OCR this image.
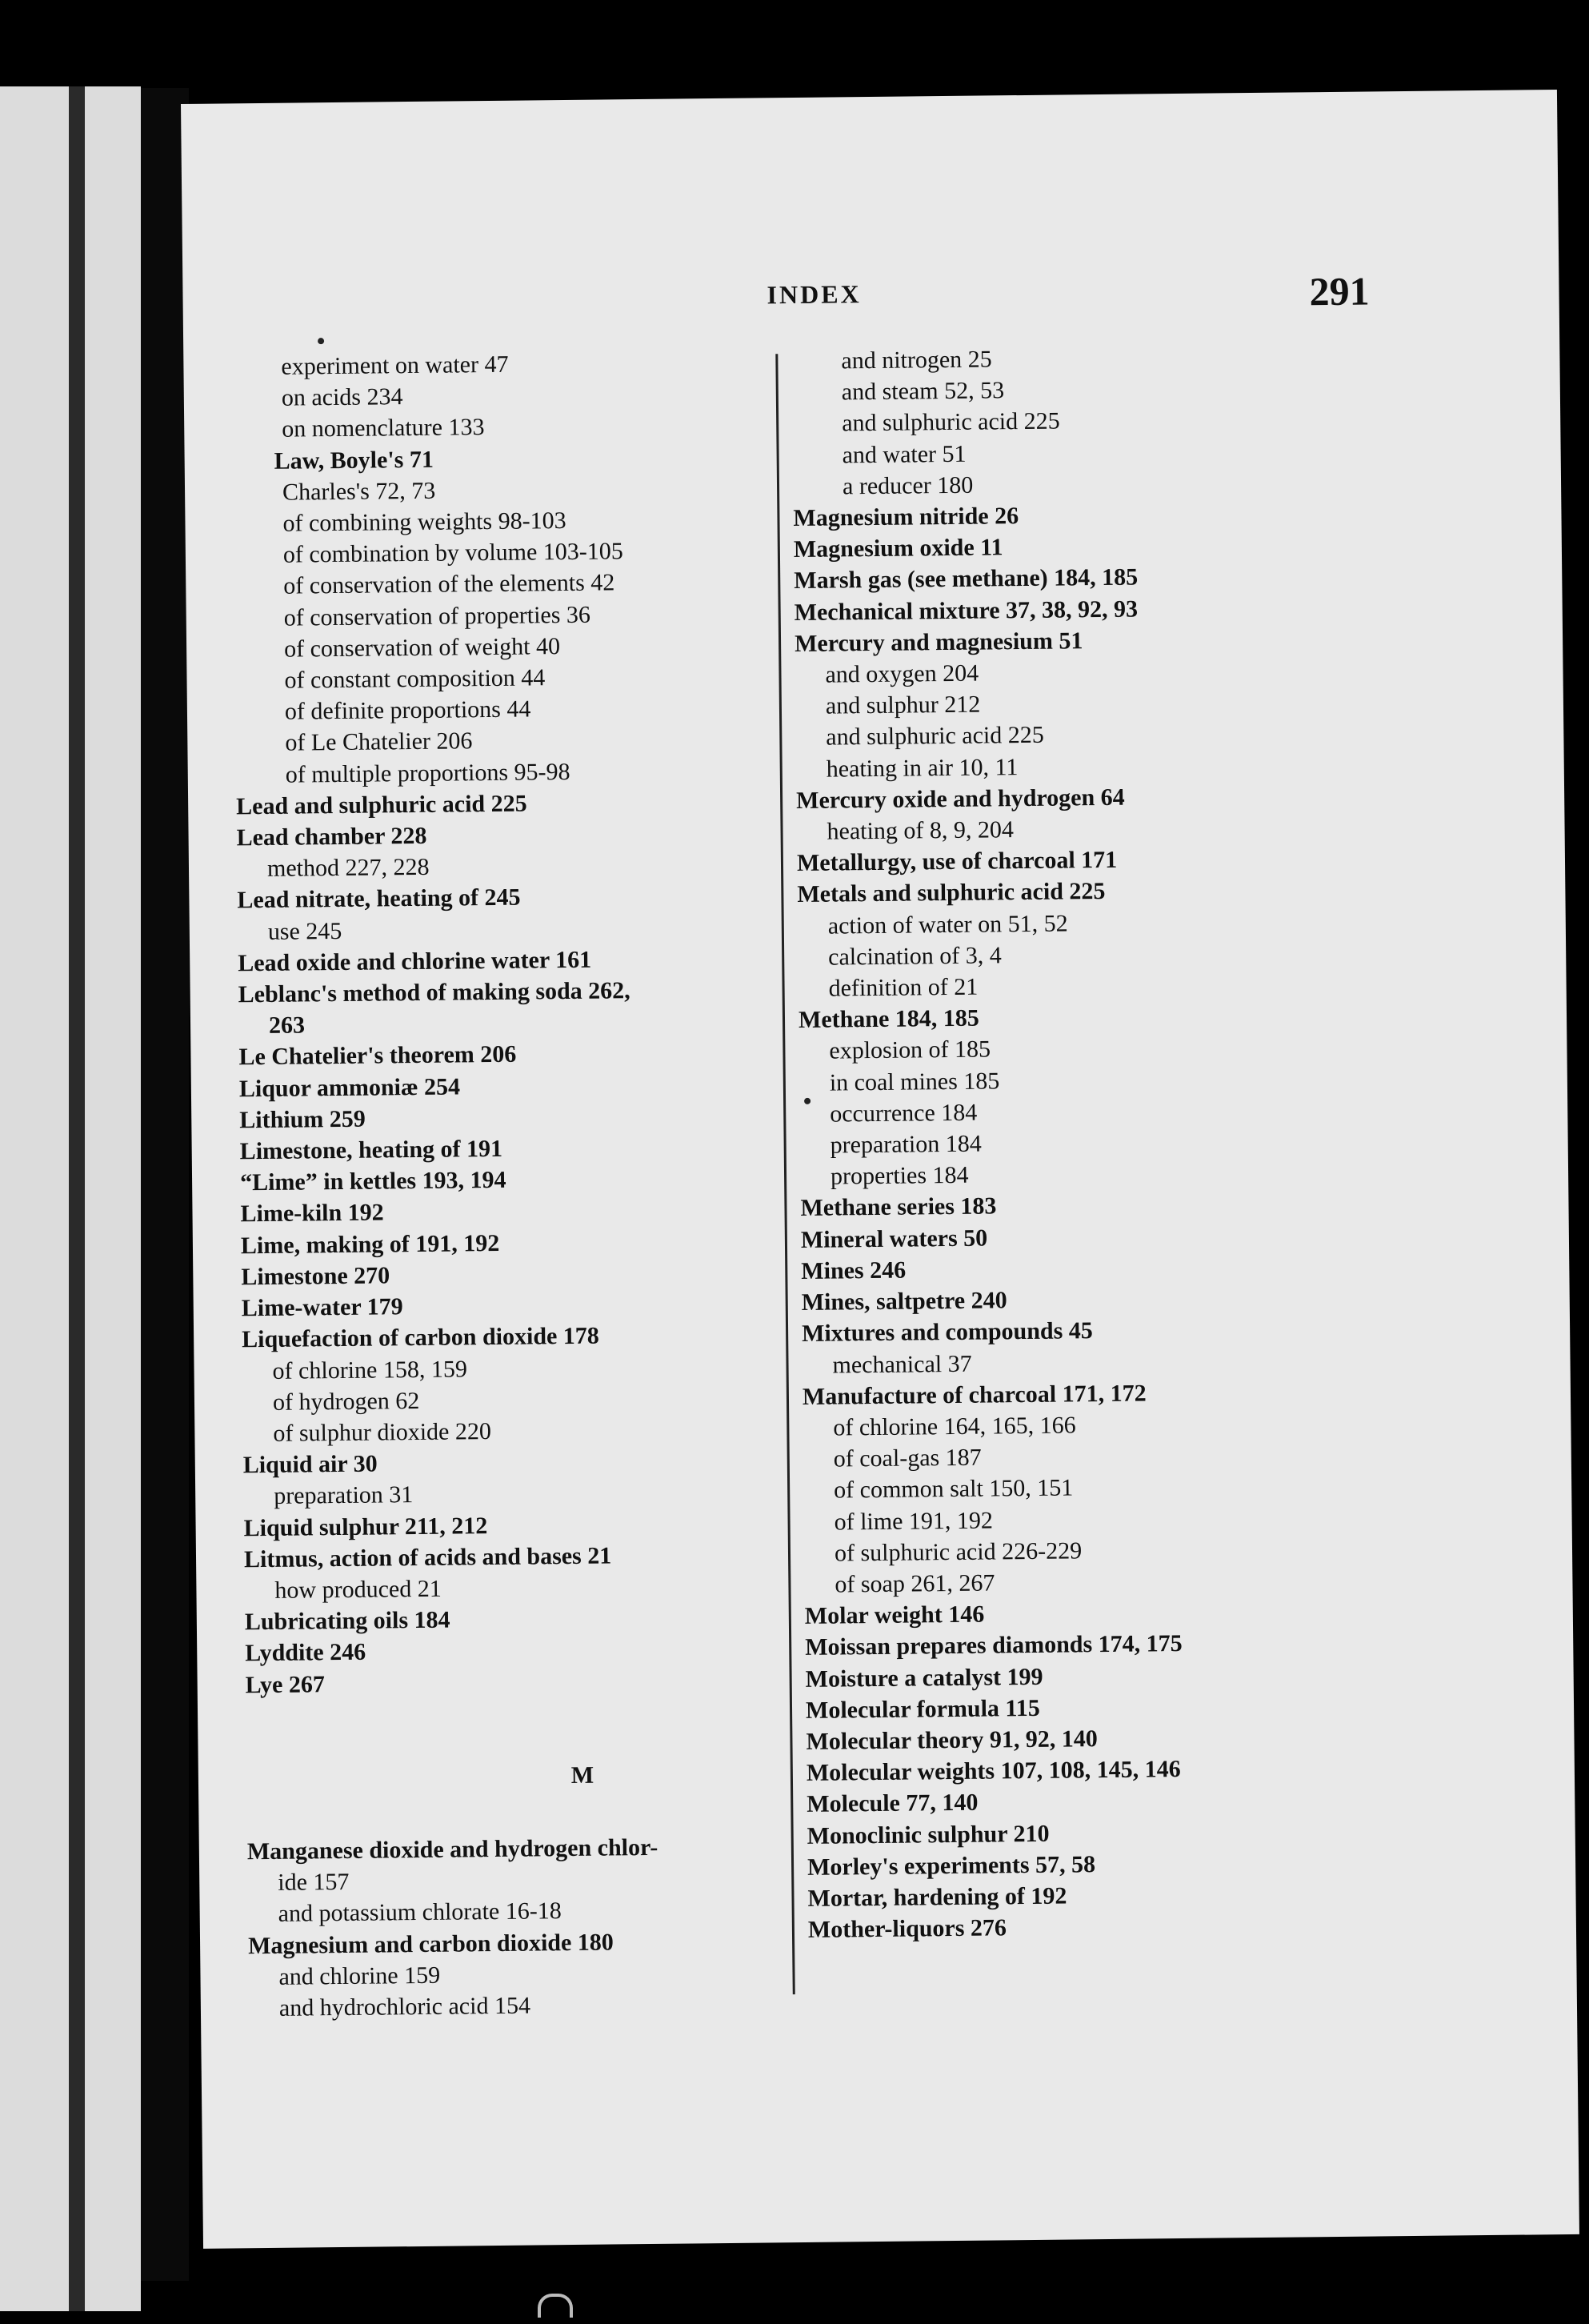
INDEX	291
experiment on water 47
on acids 234
on nomenclature 133
Law, Boyle's 71
Charles's 72, 73
of combining weights 98-103
of combination by volume 103-105
of conservation of the elements 42
of conservation of properties 36
of conservation of weight 40
of constant composition 44
of definite proportions 44
of Le Chatelier 206
of multiple proportions 95-98
Lead and sulphuric acid 225
Lead chamber 228
method 227, 228
Lead nitrate, heating of 245
use 245
Lead oxide and chlorine water 161
Leblanc's method of making soda 262,
263
Le Chatelier's theorem 206
Liquor ammoniæ 254
Lithium 259
Limestone, heating of 191
“Lime” in kettles 193, 194
Lime-kiln 192
Lime, making of 191, 192
Limestone 270
Lime-water 179
Liquefaction of carbon dioxide 178
of chlorine 158, 159
of hydrogen 62
of sulphur dioxide 220
Liquid air 30
preparation 31
Liquid sulphur 211, 212
Litmus, action of acids and bases 21
how produced 21
Lubricating oils 184
Lyddite 246
Lye 267
M
Manganese dioxide and hydrogen chlor-
ide 157
and potassium chlorate 16-18
Magnesium and carbon dioxide 180
and chlorine 159
and hydrochloric acid 154
and nitrogen 25
and steam 52, 53
and sulphuric acid 225
and water 51
a reducer 180
Magnesium nitride 26
Magnesium oxide 11
Marsh gas (see methane) 184, 185
Mechanical mixture 37, 38, 92, 93
Mercury and magnesium 51
and oxygen 204
and sulphur 212
and sulphuric acid 225
heating in air 10, 11
Mercury oxide and hydrogen 64
heating of 8, 9, 204
Metallurgy, use of charcoal 171
Metals and sulphuric acid 225
action of water on 51, 52
calcination of 3, 4
definition of 21
Methane 184, 185
explosion of 185
in coal mines 185
occurrence 184
preparation 184
properties 184
Methane series 183
Mineral waters 50
Mines 246
Mines, saltpetre 240
Mixtures and compounds 45
mechanical 37
Manufacture of charcoal 171, 172
of chlorine 164, 165, 166
of coal-gas 187
of common salt 150, 151
of lime 191, 192
of sulphuric acid 226-229
of soap 261, 267
Molar weight 146
Moissan prepares diamonds 174, 175
Moisture a catalyst 199
Molecular formula 115
Molecular theory 91, 92, 140
Molecular weights 107, 108, 145, 146
Molecule 77, 140
Monoclinic sulphur 210
Morley's experiments 57, 58
Mortar, hardening of 192
Mother-liquors 276
